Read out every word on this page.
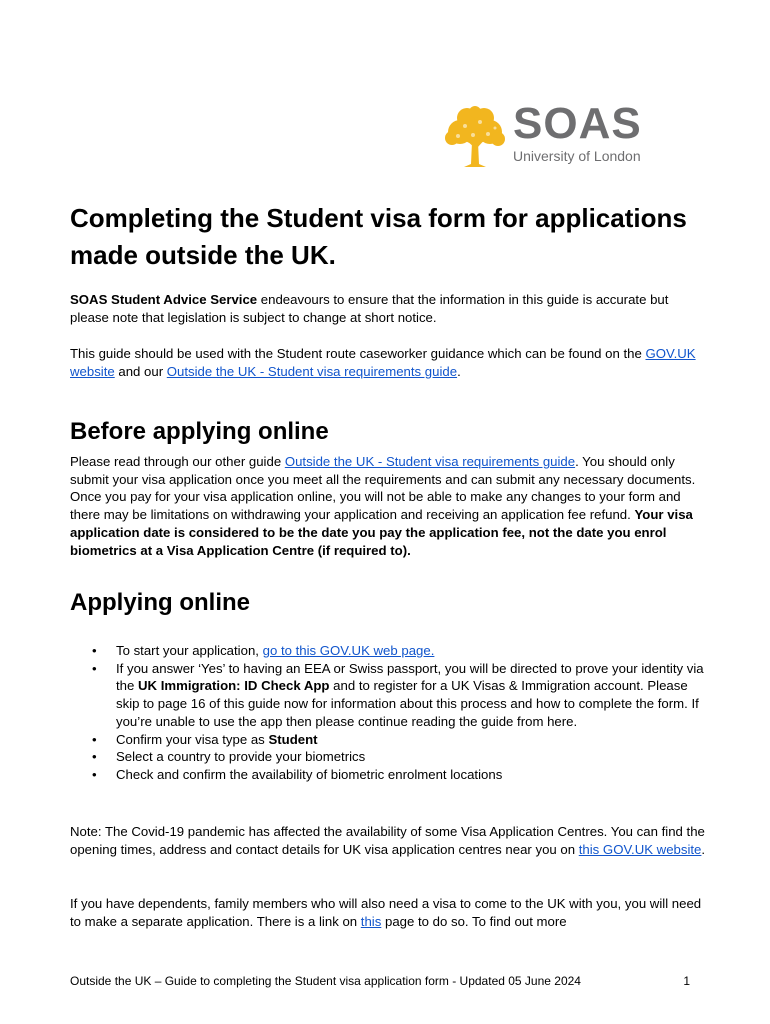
SOAS
University of London
Completing the Student visa form for applications made outside the UK.

SOAS Student Advice Service endeavours to ensure that the information in this guide is accurate but please note that legislation is subject to change at short notice.

This guide should be used with the Student route caseworker guidance which can be found on the GOV.UK website and our Outside the UK - Student visa requirements guide.

Before applying online

Please read through our other guide Outside the UK - Student visa requirements guide. You should only submit your visa application once you meet all the requirements and can submit any necessary documents. Once you pay for your visa application online, you will not be able to make any changes to your form and there may be limitations on withdrawing your application and receiving an application fee refund. Your visa application date is considered to be the date you pay the application fee, not the date you enrol biometrics at a Visa Application Centre (if required to).

Applying online
• To start your application, go to this GOV.UK web page.
• If you answer ‘Yes’ to having an EEA or Swiss passport, you will be directed to prove your identity via the UK Immigration: ID Check App and to register for a UK Visas & Immigration account. Please skip to page 16 of this guide now for information about this process and how to complete the form. If you’re unable to use the app then please continue reading the guide from here.
• Confirm your visa type as Student
• Select a country to provide your biometrics
• Check and confirm the availability of biometric enrolment locations

Note: The Covid-19 pandemic has affected the availability of some Visa Application Centres. You can find the opening times, address and contact details for UK visa application centres near you on this GOV.UK website.

If you have dependents, family members who will also need a visa to come to the UK with you, you will need to make a separate application. There is a link on this page to do so. To find out more

Outside the UK – Guide to completing the Student visa application form - Updated 05 June 2024	1
